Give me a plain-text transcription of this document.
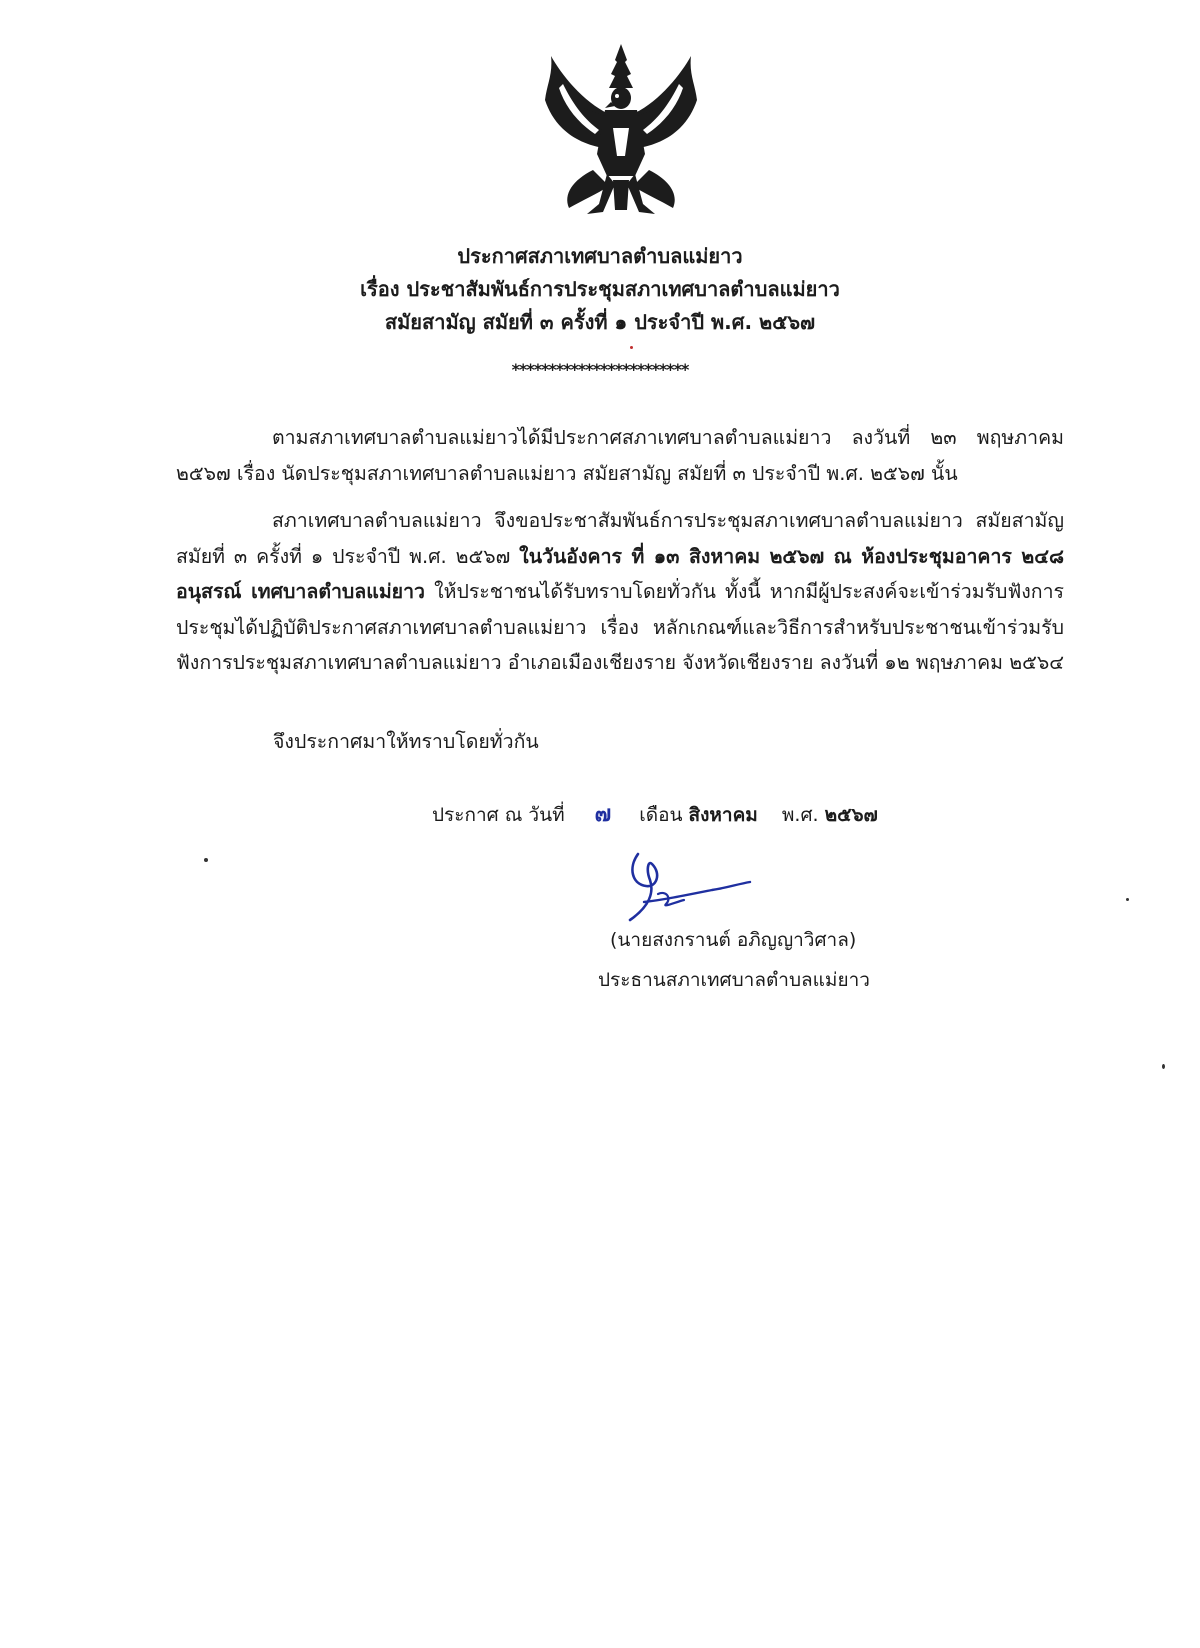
ประกาศสภาเทศบาลตำบลแม่ยาว
เรื่อง ประชาสัมพันธ์การประชุมสภาเทศบาลตำบลแม่ยาว
สมัยสามัญ สมัยที่ ๓ ครั้งที่ ๑ ประจำปี พ.ศ. ๒๕๖๗
************************

ตามสภาเทศบาลตำบลแม่ยาวได้มีประกาศสภาเทศบาลตำบลแม่ยาว ลงวันที่ ๒๓ พฤษภาคม ๒๕๖๗ เรื่อง นัดประชุมสภาเทศบาลตำบลแม่ยาว สมัยสามัญ สมัยที่ ๓ ประจำปี พ.ศ. ๒๕๖๗ นั้น

สภาเทศบาลตำบลแม่ยาว จึงขอประชาสัมพันธ์การประชุมสภาเทศบาลตำบลแม่ยาว สมัยสามัญ สมัยที่ ๓ ครั้งที่ ๑ ประจำปี พ.ศ. ๒๕๖๗ ในวันอังคาร ที่ ๑๓ สิงหาคม ๒๕๖๗ ณ ห้องประชุมอาคาร ๒๔๘ อนุสรณ์ เทศบาลตำบลแม่ยาว ให้ประชาชนได้รับทราบโดยทั่วกัน ทั้งนี้ หากมีผู้ประสงค์จะเข้าร่วมรับฟังการประชุมได้ปฏิบัติประกาศสภาเทศบาลตำบลแม่ยาว เรื่อง หลักเกณฑ์และวิธีการสำหรับประชาชนเข้าร่วมรับฟังการประชุมสภาเทศบาลตำบลแม่ยาว อำเภอเมืองเชียงราย จังหวัดเชียงราย ลงวันที่ ๑๒ พฤษภาคม ๒๕๖๔

จึงประกาศมาให้ทราบโดยทั่วกัน
ประกาศ ณ วันที่ ๗ เดือน สิงหาคม พ.ศ. ๒๕๖๗
(นายสงกรานต์ อภิญญาวิศาล)
ประธานสภาเทศบาลตำบลแม่ยาว
